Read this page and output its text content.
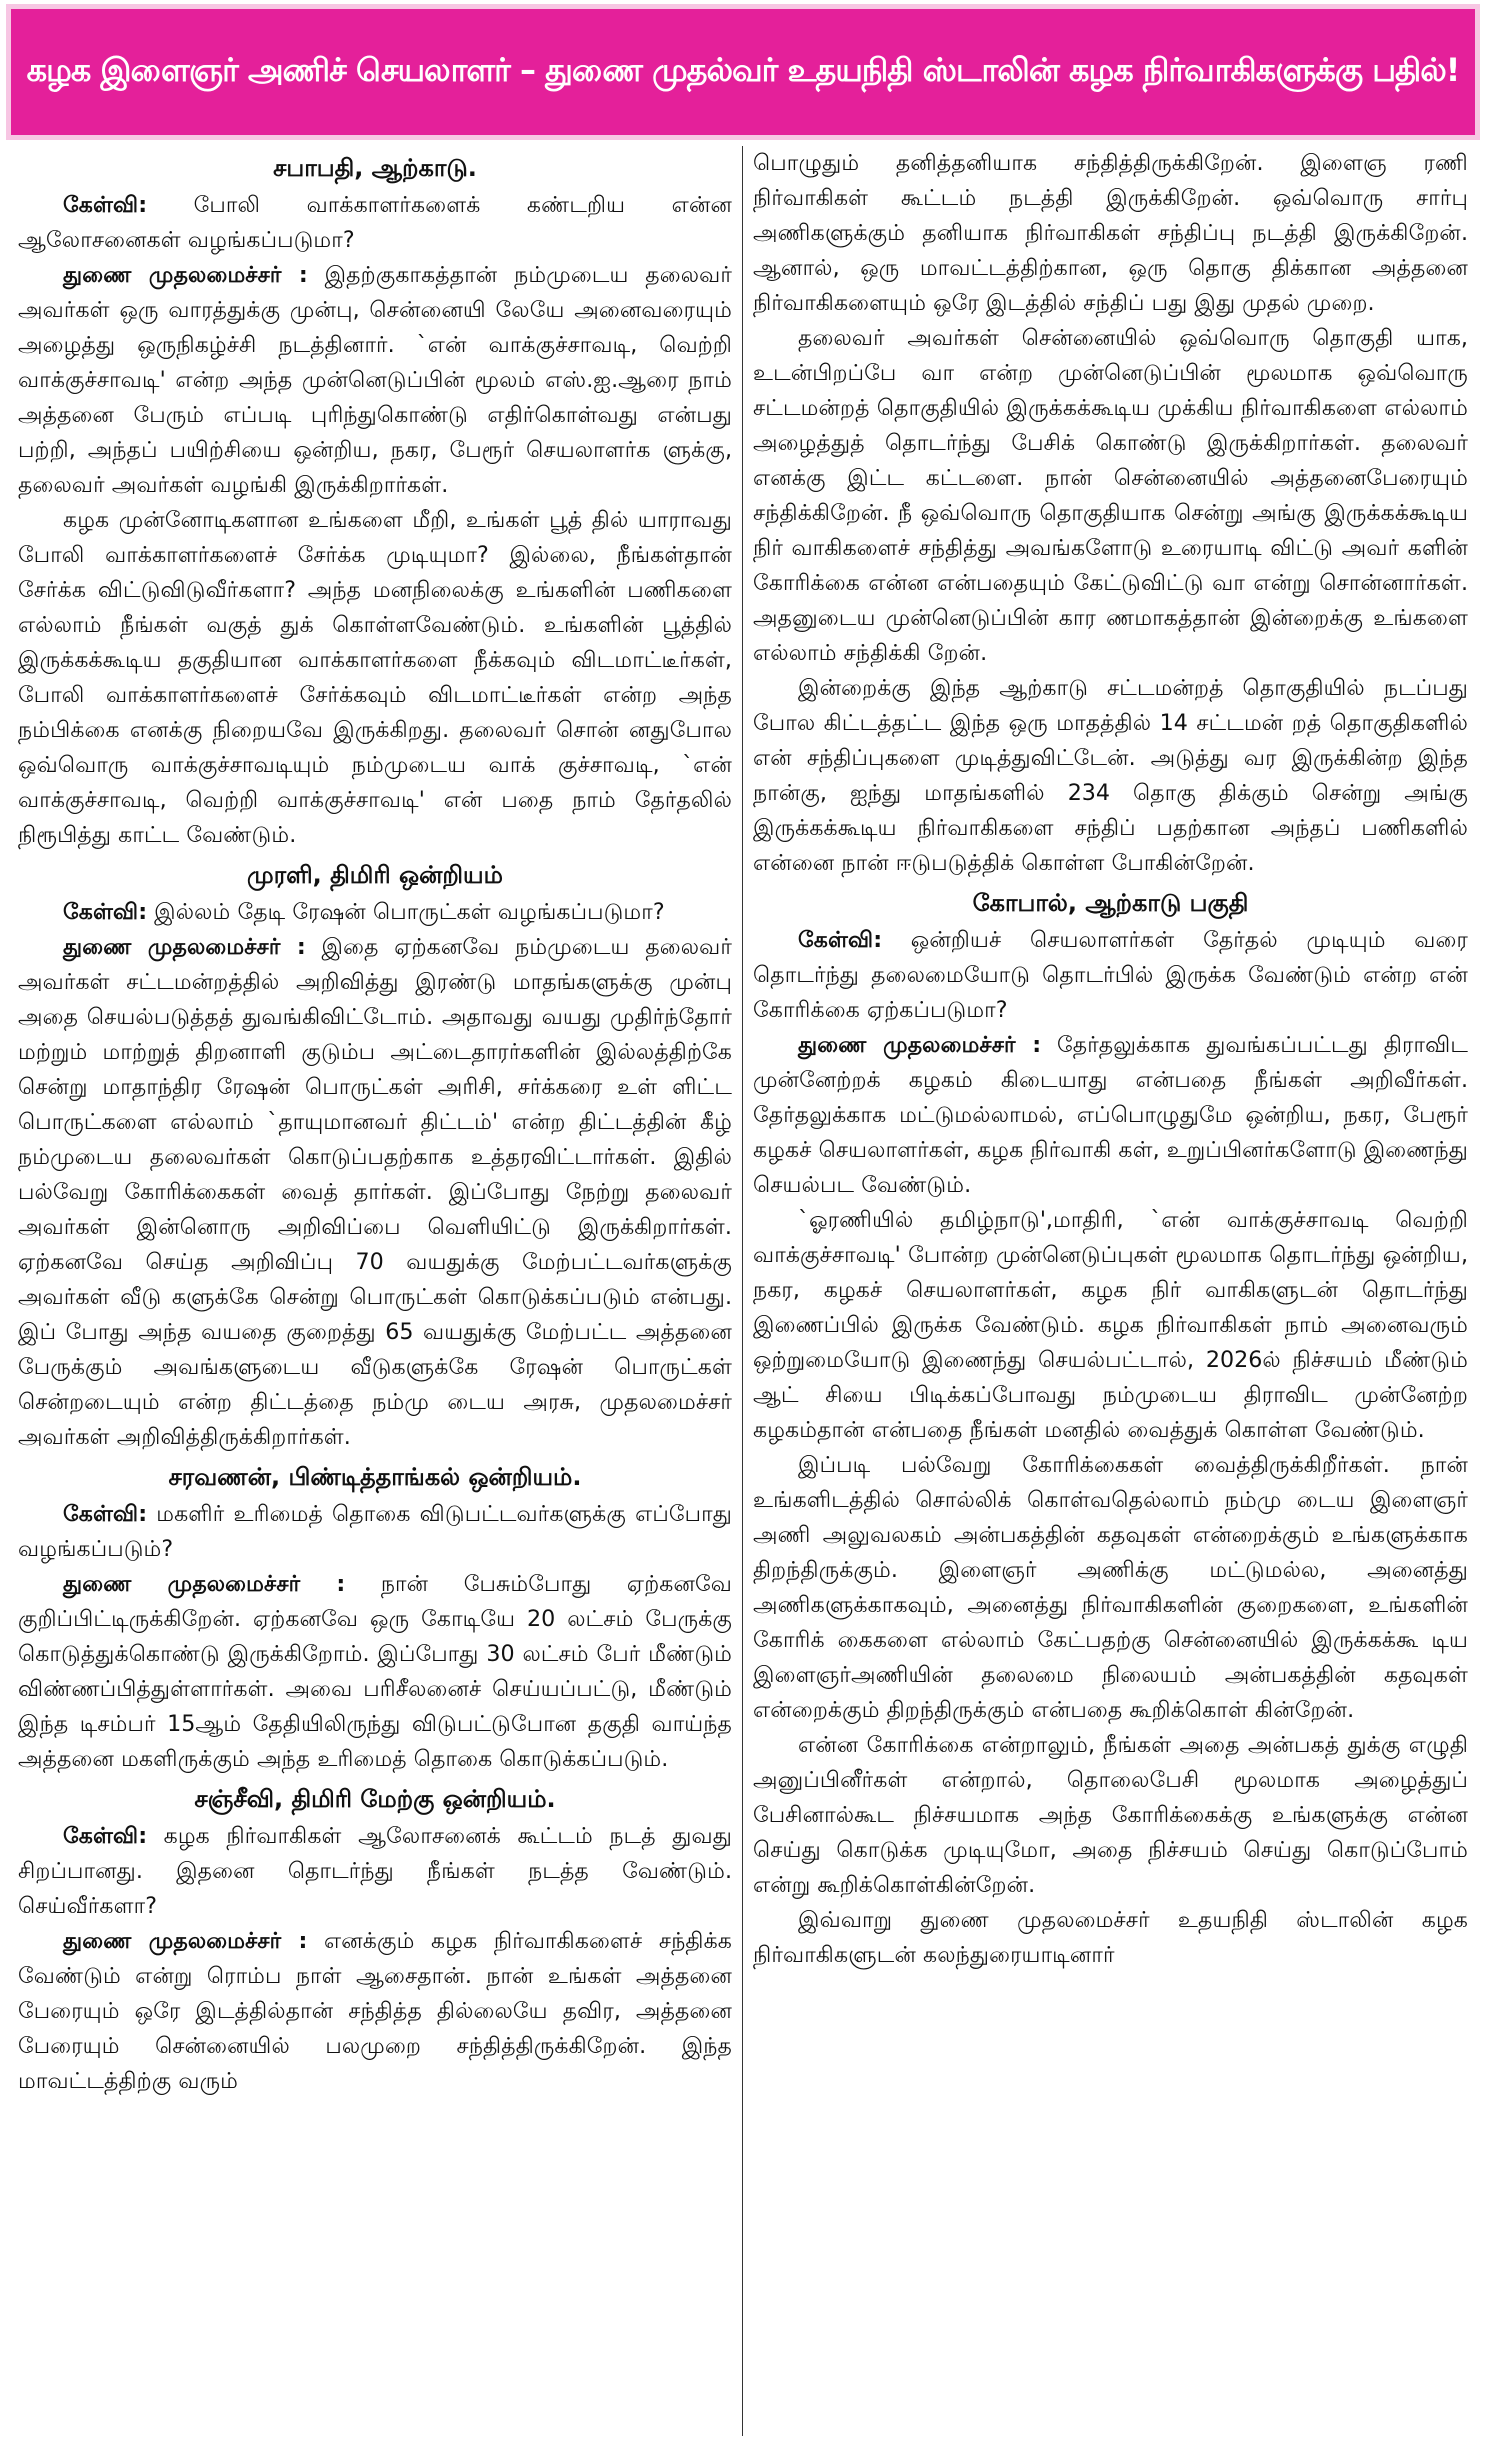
கழக இளைஞர் அணிச் செயலாளர் – துணை முதல்வர் உதயநிதி ஸ்டாலின் கழக நிர்வாகிகளுக்கு பதில்!
சபாபதி, ஆற்காடு.

கேள்வி: போலி வாக்காளர்களைக் கண்டறிய என்ன ஆலோசனைகள் வழங்கப்படுமா?

துணை முதலமைச்சர் : இதற்குகாகத்தான் நம்முடைய தலைவர் அவர்கள் ஒரு வாரத்துக்கு முன்பு, சென்னையி லேயே அனைவரையும் அழைத்து ஒருநிகழ்ச்சி நடத்தினார். `என் வாக்குச்சாவடி, வெற்றி வாக்குச்சாவடி' என்ற அந்த முன்னெடுப்பின் மூலம் எஸ்.ஐ.ஆரை நாம் அத்தனை பேரும் எப்படி புரிந்துகொண்டு எதிர்கொள்வது என்பது பற்றி, அந்தப் பயிற்சியை ஒன்றிய, நகர, பேரூர் செயலாளர்க ளுக்கு, தலைவர் அவர்கள் வழங்கி இருக்கிறார்கள்.

கழக முன்னோடிகளான உங்களை மீறி, உங்கள் பூத் தில் யாராவது போலி வாக்காளர்களைச் சேர்க்க முடியுமா? இல்லை, நீங்கள்தான் சேர்க்க விட்டுவிடுவீர்களா? அந்த மனநிலைக்கு உங்களின் பணிகளை எல்லாம் நீங்கள் வகுத் துக் கொள்ளவேண்டும். உங்களின் பூத்தில் இருக்கக்கூடிய தகுதியான வாக்காளர்களை நீக்கவும் விடமாட்டீர்கள், போலி வாக்காளர்களைச் சேர்க்கவும் விடமாட்டீர்கள் என்ற அந்த நம்பிக்கை எனக்கு நிறையவே இருக்கிறது. தலைவர் சொன் னதுபோல ஒவ்வொரு வாக்குச்சாவடியும் நம்முடைய வாக் குச்சாவடி, `என் வாக்குச்சாவடி, வெற்றி வாக்குச்சாவடி' என் பதை நாம் தேர்தலில் நிரூபித்து காட்ட வேண்டும்.

முரளி, திமிரி ஒன்றியம்

கேள்வி: இல்லம் தேடி ரேஷன் பொருட்கள் வழங்கப்படுமா?

துணை முதலமைச்சர் : இதை ஏற்கனவே நம்முடைய தலைவர் அவர்கள் சட்டமன்றத்தில் அறிவித்து இரண்டு மாதங்களுக்கு முன்பு அதை செயல்படுத்தத் துவங்கிவிட்டோம். அதாவது வயது முதிர்ந்தோர் மற்றும் மாற்றுத் திறனாளி குடும்ப அட்டைதாரர்களின் இல்லத்திற்கே சென்று மாதாந்திர ரேஷன் பொருட்கள் அரிசி, சர்க்கரை உள் ளிட்ட பொருட்களை எல்லாம் `தாயுமானவர் திட்டம்' என்ற திட்டத்தின் கீழ் நம்முடைய தலைவர்கள் கொடுப்பதற்காக உத்தரவிட்டார்கள். இதில் பல்வேறு கோரிக்கைகள் வைத் தார்கள். இப்போது நேற்று தலைவர் அவர்கள் இன்னொரு அறிவிப்பை வெளியிட்டு இருக்கிறார்கள். ஏற்கனவே செய்த அறிவிப்பு 70 வயதுக்கு மேற்பட்டவர்களுக்கு அவர்கள் வீடு களுக்கே சென்று பொருட்கள் கொடுக்கப்படும் என்பது. இப் போது அந்த வயதை குறைத்து 65 வயதுக்கு மேற்பட்ட அத்தனை பேருக்கும் அவங்களுடைய வீடுகளுக்கே ரேஷன் பொருட்கள் சென்றடையும் என்ற திட்டத்தை நம்மு டைய அரசு, முதலமைச்சர் அவர்கள் அறிவித்திருக்கிறார்கள்.

சரவணன், பிண்டித்தாங்கல் ஒன்றியம்.

கேள்வி: மகளிர் உரிமைத் தொகை விடுபட்டவர்களுக்கு எப்போது வழங்கப்படும்?

துணை முதலமைச்சர் : நான் பேசும்போது ஏற்கனவே குறிப்பிட்டிருக்கிறேன். ஏற்கனவே ஒரு கோடியே 20 லட்சம் பேருக்கு கொடுத்துக்கொண்டு இருக்கிறோம். இப்போது 30 லட்சம் பேர் மீண்டும் விண்ணப்பித்துள்ளார்கள். அவை பரிசீலனைச் செய்யப்பட்டு, மீண்டும் இந்த டிசம்பர் 15ஆம் தேதியிலிருந்து விடுபட்டுபோன தகுதி வாய்ந்த அத்தனை மகளிருக்கும் அந்த உரிமைத் தொகை கொடுக்கப்படும்.

சஞ்சீவி, திமிரி மேற்கு ஒன்றியம்.

கேள்வி: கழக நிர்வாகிகள் ஆலோசனைக் கூட்டம் நடத் துவது சிறப்பானது. இதனை தொடர்ந்து நீங்கள் நடத்த வேண்டும். செய்வீர்களா?

துணை முதலமைச்சர் : எனக்கும் கழக நிர்வாகிகளைச் சந்திக்க வேண்டும் என்று ரொம்ப நாள் ஆசைதான். நான் உங்கள் அத்தனை பேரையும் ஒரே இடத்தில்தான் சந்தித்த தில்லையே தவிர, அத்தனை பேரையும் சென்னையில் பலமுறை சந்தித்திருக்கிறேன். இந்த மாவட்டத்திற்கு வரும்

பொழுதும் தனித்தனியாக சந்தித்திருக்கிறேன். இளைஞ ரணி நிர்வாகிகள் கூட்டம் நடத்தி இருக்கிறேன். ஒவ்வொரு சார்பு அணிகளுக்கும் தனியாக நிர்வாகிகள் சந்திப்பு நடத்தி இருக்கிறேன். ஆனால், ஒரு மாவட்டத்திற்கான, ஒரு தொகு திக்கான அத்தனை நிர்வாகிகளையும் ஒரே இடத்தில் சந்திப் பது இது முதல் முறை.

தலைவர் அவர்கள் சென்னையில் ஒவ்வொரு தொகுதி யாக, உடன்பிறப்பே வா என்ற முன்னெடுப்பின் மூலமாக ஒவ்வொரு சட்டமன்றத் தொகுதியில் இருக்கக்கூடிய முக்கிய நிர்வாகிகளை எல்லாம் அழைத்துத் தொடர்ந்து பேசிக் கொண்டு இருக்கிறார்கள். தலைவர் எனக்கு இட்ட கட்டளை. நான் சென்னையில் அத்தனைபேரையும் சந்திக்கிறேன். நீ ஒவ்வொரு தொகுதியாக சென்று அங்கு இருக்கக்கூடிய நிர் வாகிகளைச் சந்தித்து அவங்களோடு உரையாடி விட்டு அவர் களின் கோரிக்கை என்ன என்பதையும் கேட்டுவிட்டு வா என்று சொன்னார்கள். அதனுடைய முன்னெடுப்பின் கார ணமாகத்தான் இன்றைக்கு உங்களை எல்லாம் சந்திக்கி றேன்.

இன்றைக்கு இந்த ஆற்காடு சட்டமன்றத் தொகுதியில் நடப்பது போல கிட்டத்தட்ட இந்த ஒரு மாதத்தில் 14 சட்டமன் றத் தொகுதிகளில் என் சந்திப்புகளை முடித்துவிட்டேன். அடுத்து வர இருக்கின்ற இந்த நான்கு, ஐந்து மாதங்களில் 234 தொகு திக்கும் சென்று அங்கு இருக்கக்கூடிய நிர்வாகிகளை சந்திப் பதற்கான அந்தப் பணிகளில் என்னை நான் ஈடுபடுத்திக் கொள்ள போகின்றேன்.

கோபால், ஆற்காடு பகுதி

கேள்வி: ஒன்றியச் செயலாளர்கள் தேர்தல் முடியும் வரை தொடர்ந்து தலைமையோடு தொடர்பில் இருக்க வேண்டும் என்ற என் கோரிக்கை ஏற்கப்படுமா?

துணை முதலமைச்சர் : தேர்தலுக்காக துவங்கப்பட்டது திராவிட முன்னேற்றக் கழகம் கிடையாது என்பதை நீங்கள் அறிவீர்கள். தேர்தலுக்காக மட்டுமல்லாமல், எப்பொழுதுமே ஒன்றிய, நகர, பேரூர் கழகச் செயலாளர்கள், கழக நிர்வாகி கள், உறுப்பினர்களோடு இணைந்து செயல்பட வேண்டும்.

`ஓரணியில் தமிழ்நாடு',மாதிரி, `என் வாக்குச்சாவடி வெற்றி வாக்குச்சாவடி' போன்ற முன்னெடுப்புகள் மூலமாக தொடர்ந்து ஒன்றிய, நகர, கழகச் செயலாளர்கள், கழக நிர் வாகிகளுடன் தொடர்ந்து இணைப்பில் இருக்க வேண்டும். கழக நிர்வாகிகள் நாம் அனைவரும் ஒற்றுமையோடு இணைந்து செயல்பட்டால், 2026ல் நிச்சயம் மீண்டும் ஆட் சியை பிடிக்கப்போவது நம்முடைய திராவிட முன்னேற்ற கழகம்தான் என்பதை நீங்கள் மனதில் வைத்துக் கொள்ள வேண்டும்.

இப்படி பல்வேறு கோரிக்கைகள் வைத்திருக்கிறீர்கள். நான் உங்களிடத்தில் சொல்லிக் கொள்வதெல்லாம் நம்மு டைய இளைஞர் அணி அலுவலகம் அன்பகத்தின் கதவுகள் என்றைக்கும் உங்களுக்காக திறந்திருக்கும். இளைஞர் அணிக்கு மட்டுமல்ல, அனைத்து அணிகளுக்காகவும், அனைத்து நிர்வாகிகளின் குறைகளை, உங்களின் கோரிக் கைகளை எல்லாம் கேட்பதற்கு சென்னையில் இருக்கக்கூ டிய இளைஞர்அணியின் தலைமை நிலையம் அன்பகத்தின் கதவுகள் என்றைக்கும் திறந்திருக்கும் என்பதை கூறிக்கொள் கின்றேன்.

என்ன கோரிக்கை என்றாலும், நீங்கள் அதை அன்பகத் துக்கு எழுதி அனுப்பினீர்கள் என்றால், தொலைபேசி மூலமாக அழைத்துப் பேசினால்கூட நிச்சயமாக அந்த கோரிக்கைக்கு உங்களுக்கு என்ன செய்து கொடுக்க முடியுமோ, அதை நிச்சயம் செய்து கொடுப்போம் என்று கூறிக்கொள்கின்றேன்.

இவ்வாறு துணை முதலமைச்சர் உதயநிதி ஸ்டாலின் கழக நிர்வாகிகளுடன் கலந்துரையாடினார்
